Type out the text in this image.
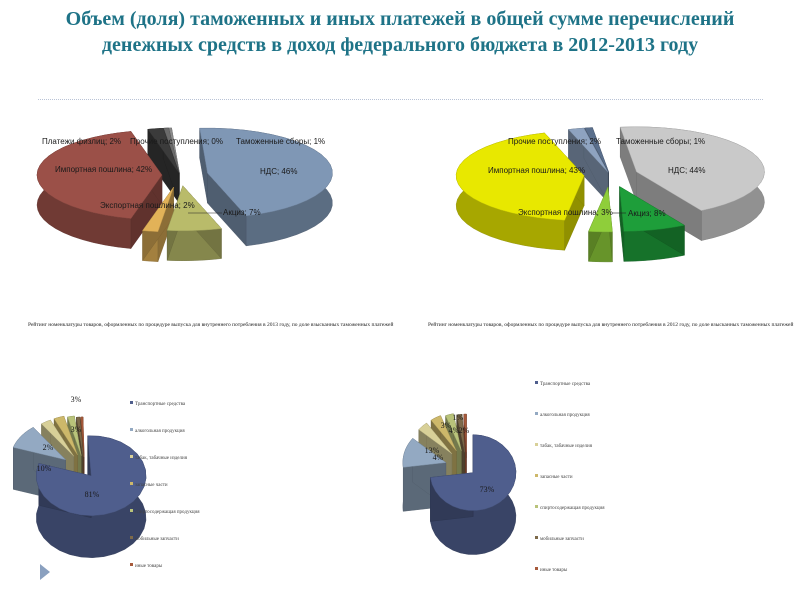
Объем (доля) таможенных и иных платежей в общей сумме перечислений денежных средств в доход федерального бюджета в 2012-2013 году
Платежи физлиц; 2% Прочие поступления; 0% Таможенные сборы; 1%
НДС; 46%
Акциз; 7%
Экспортная пошлина; 2%
Импортная пошлина; 42%
Прочие поступления; 2% Таможенные сборы; 1%
НДС; 44%
Акциз; 8%
Экспортная пошлина; 3%
Импортная пошлина; 43%
Рейтинг номенклатуры товаров, оформленных по процедуре выпуска для внутреннего потребления в 2013 году, по доле взысканных таможенных платежей
81%
10%
3%
3%
2%
Транспортные средства
алкогольная продукция
табак, табачные изделия
запасные части
спиртосодержащая продукция
мобильные запчасти
иные товары
Рейтинг номенклатуры товаров, оформленных по процедуре выпуска для внутреннего потребления в 2012 году, по доле взысканных таможенных платежей
73%
13%
4%
4%
3%
2%
1%
Транспортные средства
алкогольная продукция
табак, табачные изделия
запасные части
спиртосодержащая продукция
мобильные запчасти
иные товары
